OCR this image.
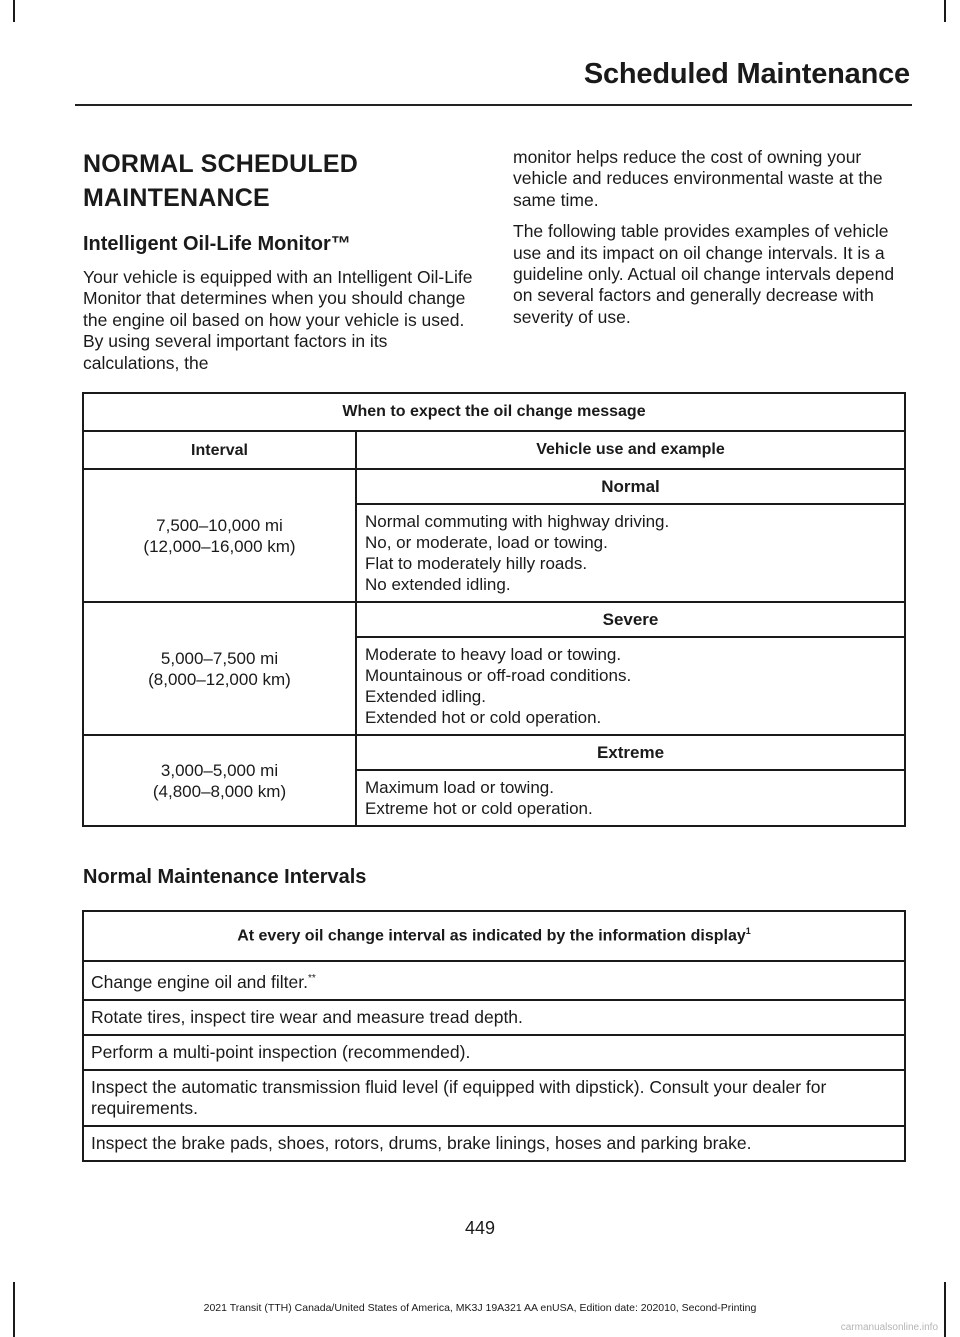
Scheduled Maintenance
NORMAL SCHEDULED MAINTENANCE
Intelligent Oil-Life Monitor™

Your vehicle is equipped with an Intelligent Oil-Life Monitor that determines when you should change the engine oil based on how your vehicle is used. By using several important factors in its calculations, the

monitor helps reduce the cost of owning your vehicle and reduces environmental waste at the same time.

The following table provides examples of vehicle use and its impact on oil change intervals. It is a guideline only. Actual oil change intervals depend on several factors and generally decrease with severity of use.

When to expect the oil change message	
Interval	Vehicle use and example

7,500–10,000 mi
(12,000–16,000 km)	Normal

	Normal commuting with highway driving.
No, or moderate, load or towing.
Flat to moderately hilly roads.
No extended idling.

5,000–7,500 mi
(8,000–12,000 km)	Severe

	Moderate to heavy load or towing.
Mountainous or off-road conditions.
Extended idling.
Extended hot or cold operation.

3,000–5,000 mi
(4,800–8,000 km)	Extreme

	Maximum load or towing.
Extreme hot or cold operation.
Normal Maintenance Intervals
At every oil change interval as indicated by the information display$^1$
Change engine oil and filter.**
Rotate tires, inspect tire wear and measure tread depth.
Perform a multi-point inspection (recommended).
Inspect the automatic transmission fluid level (if equipped with dipstick). Consult your dealer for requirements.
Inspect the brake pads, shoes, rotors, drums, brake linings, hoses and parking brake.
449
2021 Transit (TTH) Canada/United States of America, MK3J 19A321 AA enUSA, Edition date: 202010, Second-Printing
carmanualsonline.info
